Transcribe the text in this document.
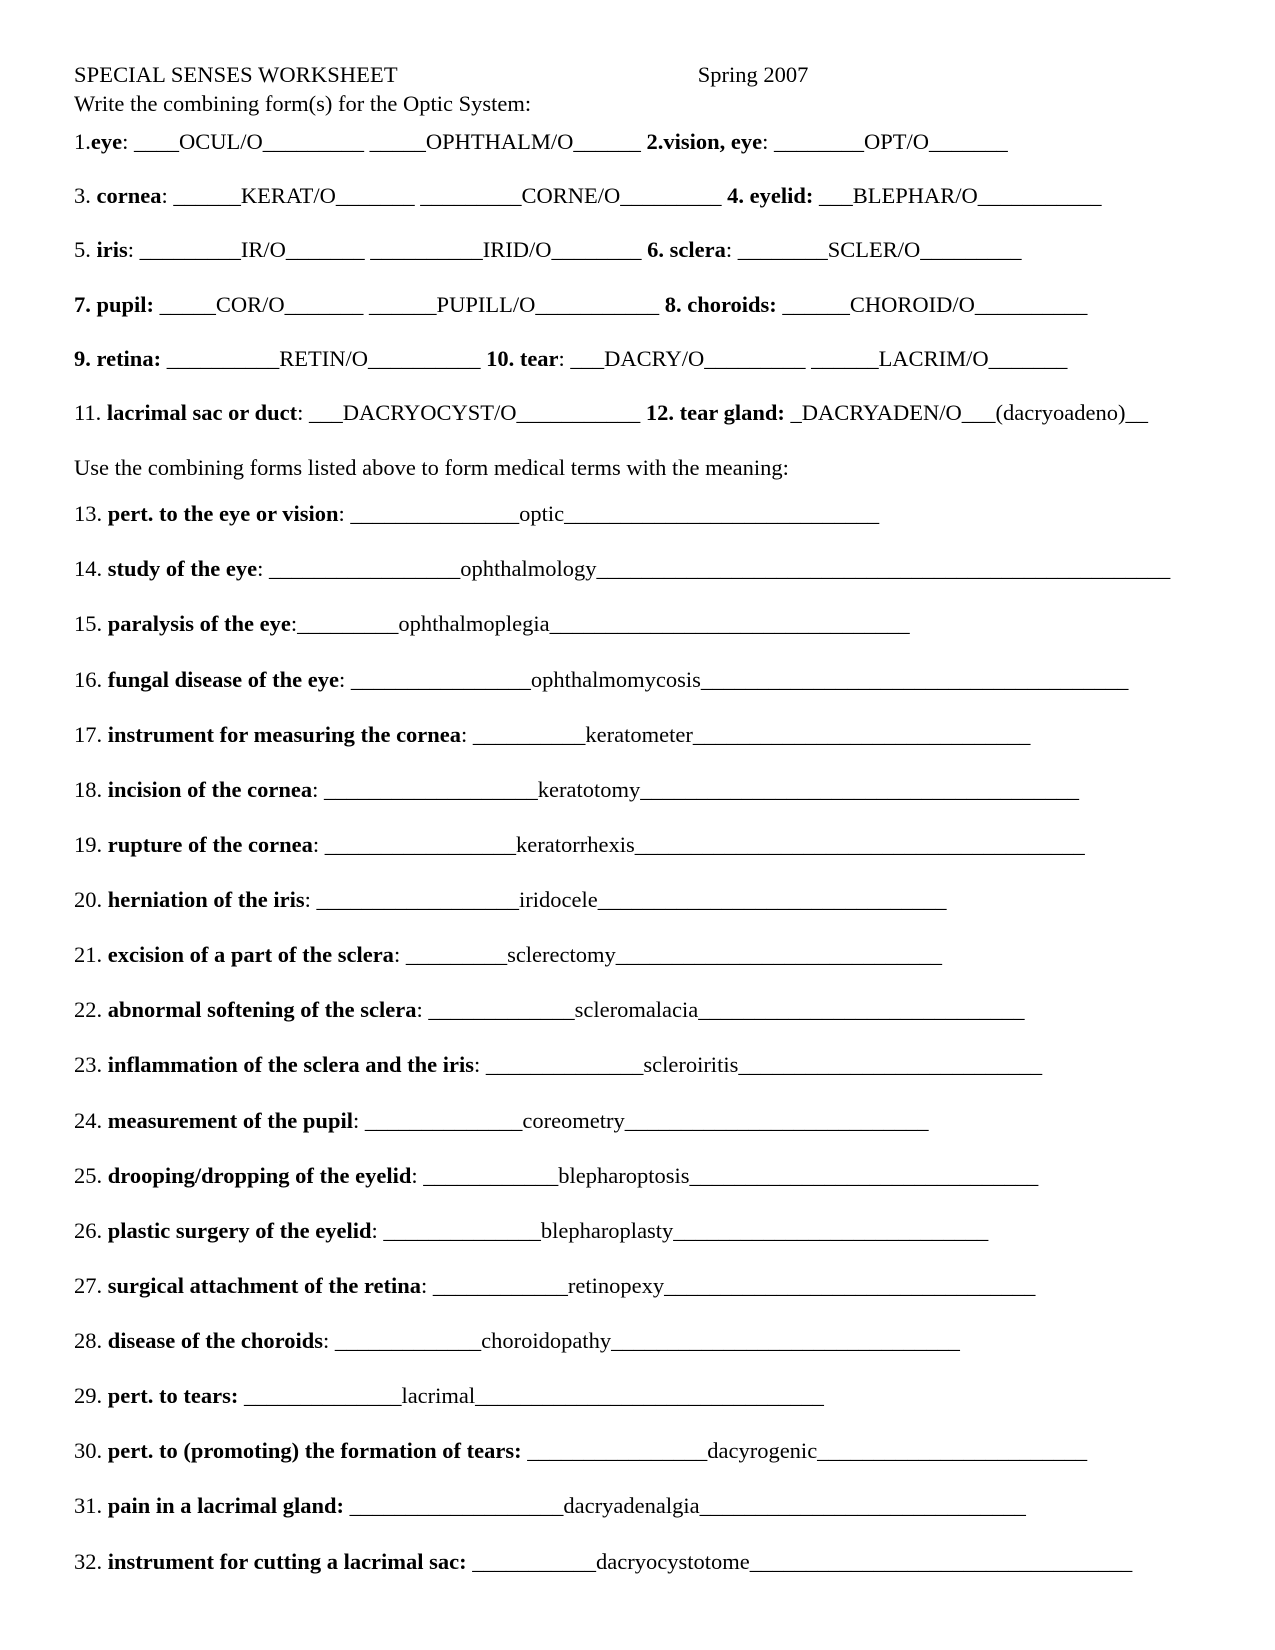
SPECIAL SENSES WORKSHEET	Spring 2007
Write the combining form(s) for the Optic System:
1.eye: ____OCUL/O_________ _____OPHTHALM/O______ 2.vision, eye: ________OPT/O_______
3. cornea: ______KERAT/O_______ _________CORNE/O_________ 4. eyelid: ___BLEPHAR/O___________
5. iris: _________IR/O_______ __________IRID/O________ 6. sclera: ________SCLER/O_________
7. pupil: _____COR/O_______ ______PUPILL/O___________ 8. choroids: ______CHOROID/O__________
9. retina: __________RETIN/O__________ 10. tear: ___DACRY/O_________ ______LACRIM/O_______
11. lacrimal sac or duct: ___DACRYOCYST/O___________ 12. tear gland: _DACRYADEN/O___(dacryoadeno)__
Use the combining forms listed above to form medical terms with the meaning:
13. pert. to the eye or vision: _______________optic____________________________
14. study of the eye: _________________ophthalmology___________________________________________________
15. paralysis of the eye:_________ophthalmoplegia________________________________
16. fungal disease of the eye: ________________ophthalmomycosis______________________________________
17. instrument for measuring the cornea: __________keratometer______________________________
18. incision of the cornea: ___________________keratotomy_______________________________________
19. rupture of the cornea: _________________keratorrhexis________________________________________
20. herniation of the iris: __________________iridocele_______________________________
21. excision of a part of the sclera: _________sclerectomy_____________________________
22. abnormal softening of the sclera: _____________scleromalacia_____________________________
23. inflammation of the sclera and the iris: ______________scleroiritis___________________________
24. measurement of the pupil: ______________coreometry___________________________
25. drooping/dropping of the eyelid: ____________blepharoptosis_______________________________
26. plastic surgery of the eyelid: ______________blepharoplasty____________________________
27. surgical attachment of the retina: ____________retinopexy_________________________________
28. disease of the choroids: _____________choroidopathy_______________________________
29. pert. to tears: ______________lacrimal_______________________________
30. pert. to (promoting) the formation of tears: ________________dacyrogenic________________________
31. pain in a lacrimal gland: ___________________dacryadenalgia_____________________________
32. instrument for cutting a lacrimal sac: ___________dacryocystotome__________________________________
